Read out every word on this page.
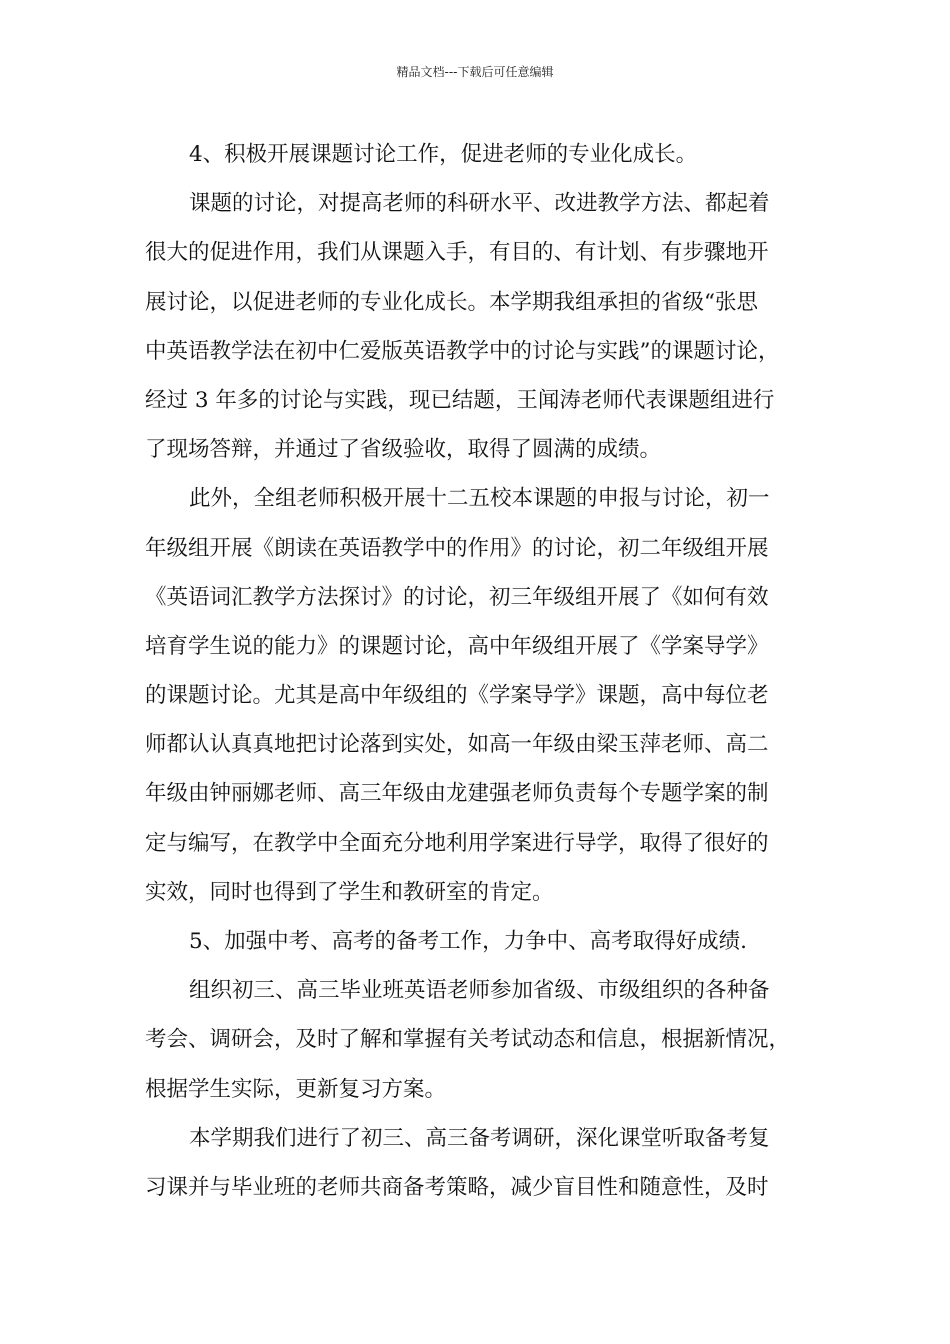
精品文档---下载后可任意编辑
4、积极开展课题讨论工作，促进老师的专业化成长。
课题的讨论，对提高老师的科研水平、改进教学方法、都起着
很大的促进作用，我们从课题入手，有目的、有计划、有步骤地开
展讨论，以促进老师的专业化成长。本学期我组承担的省级“张思
中英语教学法在初中仁爱版英语教学中的讨论与实践”的课题讨论，
经过 3 年多的讨论与实践，现已结题，王闻涛老师代表课题组进行
了现场答辩，并通过了省级验收，取得了圆满的成绩。
此外，全组老师积极开展十二五校本课题的申报与讨论，初一
年级组开展《朗读在英语教学中的作用》的讨论，初二年级组开展
《英语词汇教学方法探讨》的讨论，初三年级组开展了《如何有效
培育学生说的能力》的课题讨论，高中年级组开展了《学案导学》
的课题讨论。尤其是高中年级组的《学案导学》课题，高中每位老
师都认认真真地把讨论落到实处，如高一年级由梁玉萍老师、高二
年级由钟丽娜老师、高三年级由龙建强老师负责每个专题学案的制
定与编写，在教学中全面充分地利用学案进行导学，取得了很好的
实效，同时也得到了学生和教研室的肯定。
5、加强中考、高考的备考工作，力争中、高考取得好成绩.
组织初三、高三毕业班英语老师参加省级、市级组织的各种备
考会、调研会，及时了解和掌握有关考试动态和信息，根据新情况，
根据学生实际，更新复习方案。
本学期我们进行了初三、高三备考调研，深化课堂听取备考复
习课并与毕业班的老师共商备考策略，减少盲目性和随意性，及时
